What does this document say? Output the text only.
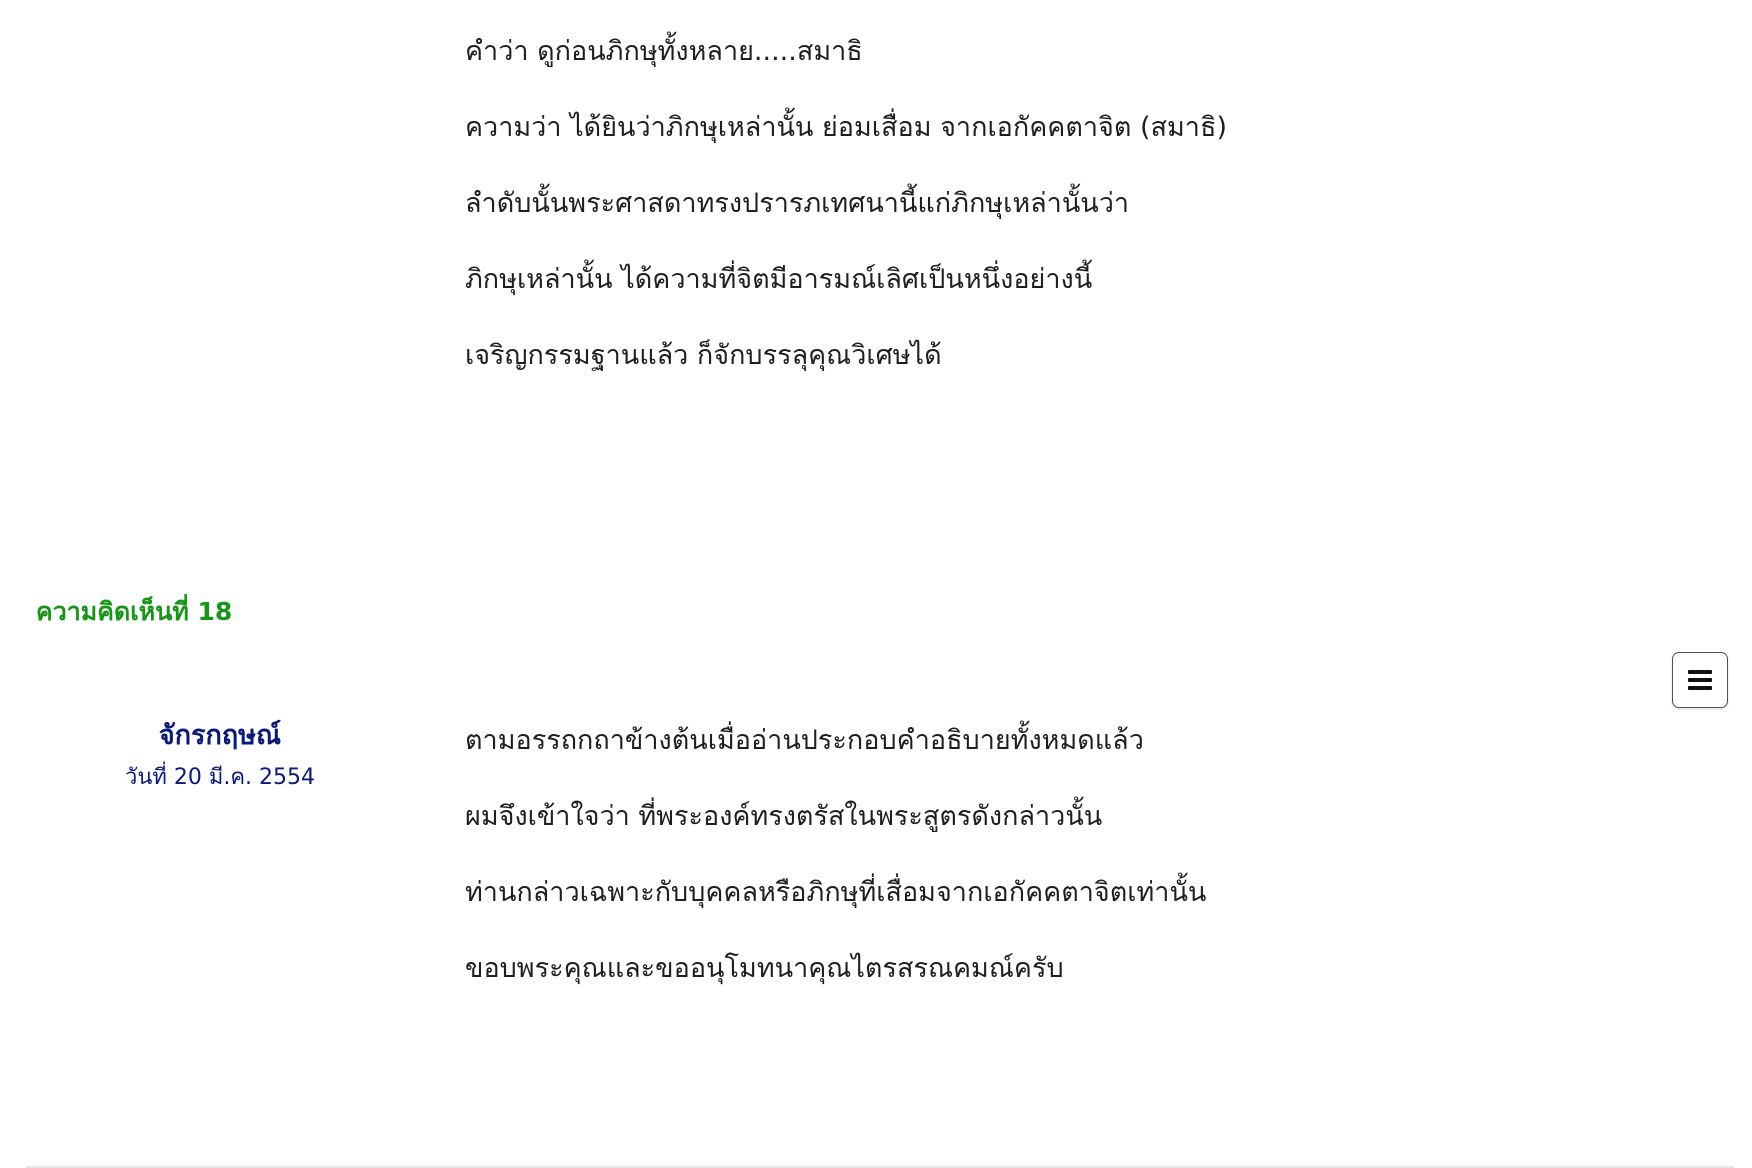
คำว่า ดูก่อนภิกษุทั้งหลาย.....สมาธิ

ความว่า ได้ยินว่าภิกษุเหล่านั้น ย่อมเสื่อม จากเอกัคคตาจิต (สมาธิ)

ลำดับนั้นพระศาสดาทรงปรารภเทศนานี้แก่ภิกษุเหล่านั้นว่า

ภิกษุเหล่านั้น ได้ความที่จิตมีอารมณ์เลิศเป็นหนึ่งอย่างนี้

เจริญกรรมฐานแล้ว ก็จักบรรลุคุณวิเศษได้

ความคิดเห็นที่ 18

จักรกฤษณ์

วันที่ 20 มี.ค. 2554

ตามอรรถกถาข้างต้นเมื่ออ่านประกอบคำอธิบายทั้งหมดแล้ว

ผมจึงเข้าใจว่า ที่พระองค์ทรงตรัสในพระสูตรดังกล่าวนั้น

ท่านกล่าวเฉพาะกับบุคคลหรือภิกษุที่เสื่อมจากเอกัคคตาจิตเท่านั้น

ขอบพระคุณและขออนุโมทนาคุณไตรสรณคมณ์ครับ
